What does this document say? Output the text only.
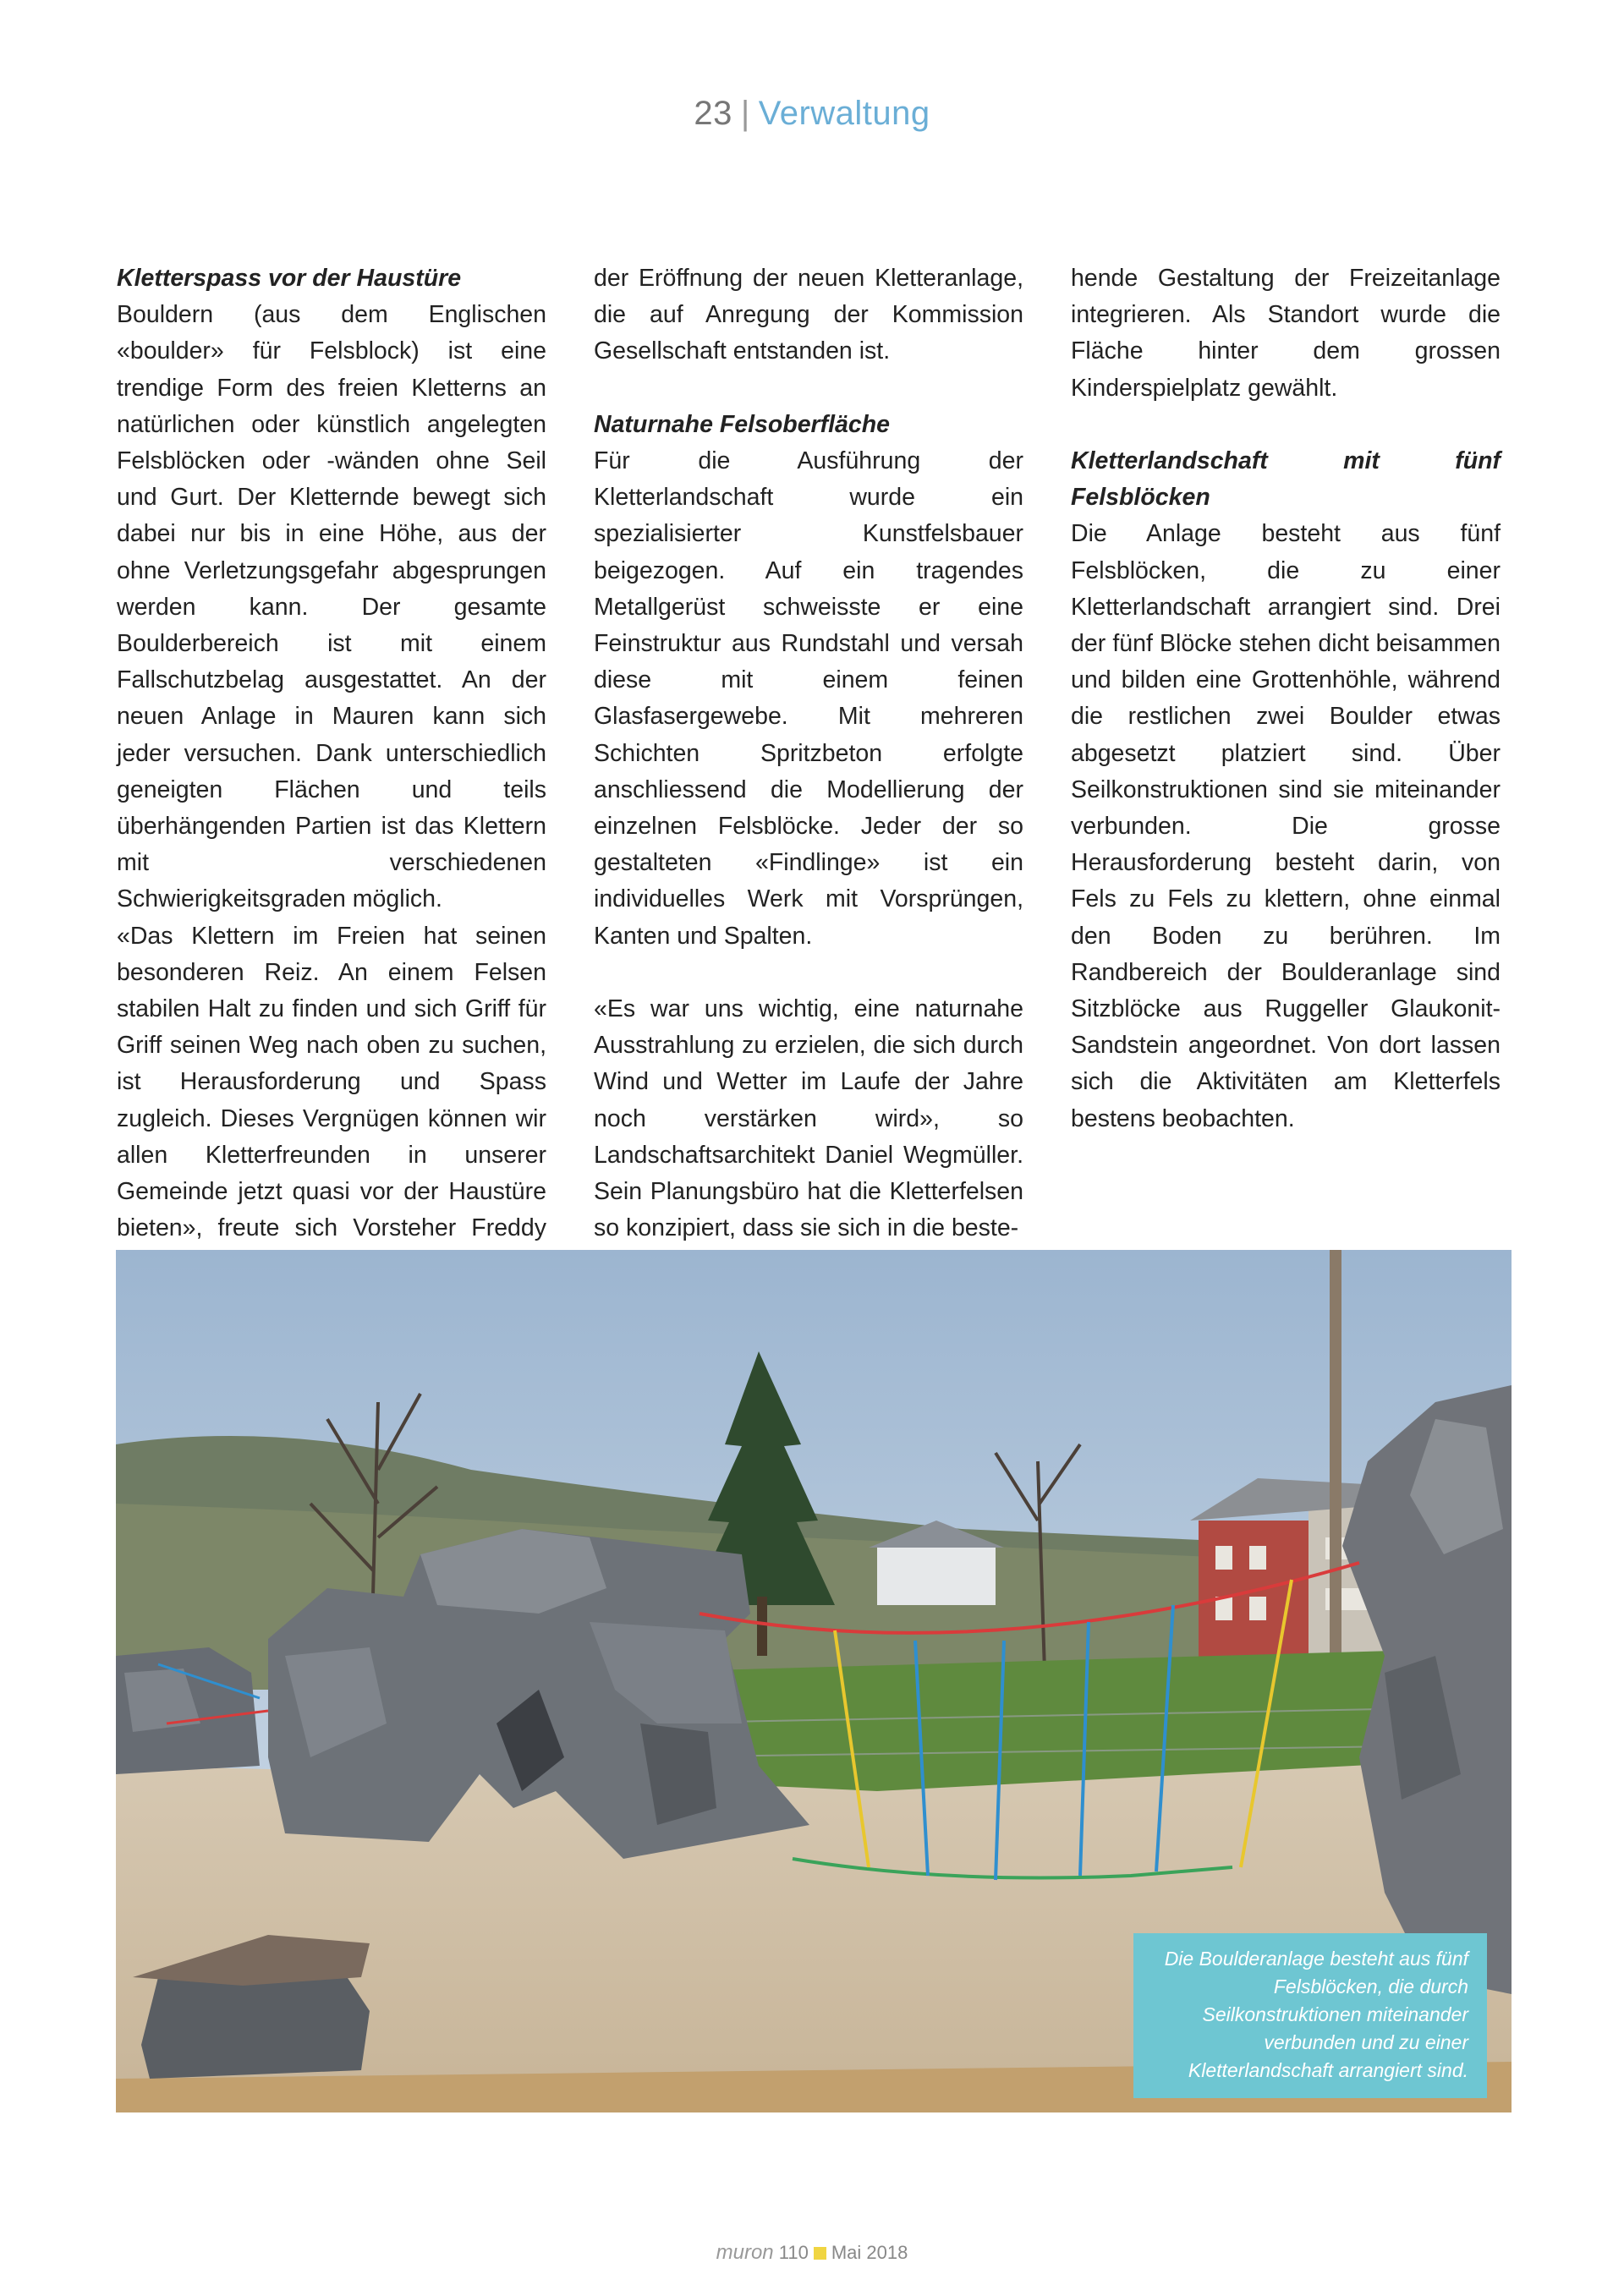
23 | Verwaltung
Kletterspass vor der Haustüre

Bouldern (aus dem Englischen «boulder» für Felsblock) ist eine trendige Form des freien Kletterns an natürlichen oder künstlich angelegten Felsblöcken oder -wänden ohne Seil und Gurt. Der Kletternde bewegt sich dabei nur bis in eine Höhe, aus der ohne Verletzungsgefahr abgesprungen werden kann. Der gesamte Boulderbereich ist mit einem Fallschutzbelag ausgestattet. An der neuen Anlage in Mauren kann sich jeder versuchen. Dank unterschiedlich geneigten Flächen und teils überhängenden Partien ist das Klettern mit verschiedenen Schwierigkeitsgraden möglich.

«Das Klettern im Freien hat seinen besonderen Reiz. An einem Felsen stabilen Halt zu finden und sich Griff für Griff seinen Weg nach oben zu suchen, ist Herausforderung und Spass zugleich. Dieses Vergnügen können wir allen Kletterfreunden in unserer Gemeinde jetzt quasi vor der Haustüre bieten», freute sich Vorsteher Freddy

der Eröffnung der neuen Kletteranlage, die auf Anregung der Kommission Gesellschaft entstanden ist.

Naturnahe Felsoberfläche

Für die Ausführung der Kletterlandschaft wurde ein spezialisierter Kunstfelsbauer beigezogen. Auf ein tragendes Metallgerüst schweisste er eine Feinstruktur aus Rundstahl und versah diese mit einem feinen Glasfasergewebe. Mit mehreren Schichten Spritzbeton erfolgte anschliessend die Modellierung der einzelnen Felsblöcke. Jeder der so gestalteten «Findlinge» ist ein individuelles Werk mit Vorsprüngen, Kanten und Spalten.

«Es war uns wichtig, eine naturnahe Ausstrahlung zu erzielen, die sich durch Wind und Wetter im Laufe der Jahre noch verstärken wird», so Landschaftsarchitekt Daniel Wegmüller. Sein Planungsbüro hat die Kletterfelsen so konzipiert, dass sie sich in die beste-

hende Gestaltung der Freizeitanlage integrieren. Als Standort wurde die Fläche hinter dem grossen Kinderspielplatz gewählt.

Kletterlandschaft mit fünf Felsblöcken

Die Anlage besteht aus fünf Felsblöcken, die zu einer Kletterlandschaft arrangiert sind. Drei der fünf Blöcke stehen dicht beisammen und bilden eine Grottenhöhle, während die restlichen zwei Boulder etwas abgesetzt platziert sind. Über Seilkonstruktionen sind sie miteinander verbunden. Die grosse Herausforderung besteht darin, von Fels zu Fels zu klettern, ohne einmal den Boden zu berühren. Im Randbereich der Boulderanlage sind Sitzblöcke aus Ruggeller Glaukonit-Sandstein angeordnet. Von dort lassen sich die Aktivitäten am Kletterfels bestens beobachten.

Die Boulderanlage besteht aus fünf Felsblöcken, die durch Seilkonstruktionen miteinander verbunden und zu einer Kletterlandschaft arrangiert sind.
muron 110 Mai 2018
